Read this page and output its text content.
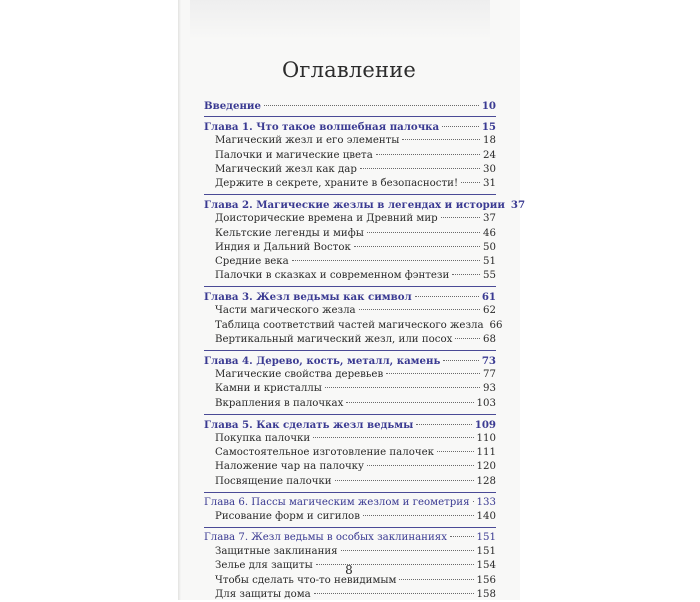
Оглавление
Введение	10
Глава 1. Что такое волшебная палочка	15
Магический жезл и его элементы	18
Палочки и магические цвета	24
Магический жезл как дар	30
Держите в секрете, храните в безопасности! 31
Глава 2. Магические жезлы в легендах и истории 37
Доисторические времена и Древний мир	37
Кельтские легенды и мифы	46
Индия и Дальний Восток	50
Средние века	51
Палочки в сказках и современном фэнтези	55
Глава 3. Жезл ведьмы как символ	61
Части магического жезла	62
Таблица соответствий частей магического жезла 66
Вертикальный магический жезл, или посох	68
Глава 4. Дерево, кость, металл, камень	73
Магические свойства деревьев	77
Камни и кристаллы	93
Вкрапления в палочках	103
Глава 5. Как сделать жезл ведьмы	109
Покупка палочки	110
Самостоятельное изготовление палочек	111
Наложение чар на палочку	120
Посвящение палочки	128
Глава 6. Пассы магическим жезлом и геометрия 133
Рисование форм и сигилов	140
Глава 7. Жезл ведьмы в особых заклинаниях	151
Защитные заклинания	151
Зелье для защиты	154
Чтобы сделать что-то невидимым	156
Для защиты дома	158
8
